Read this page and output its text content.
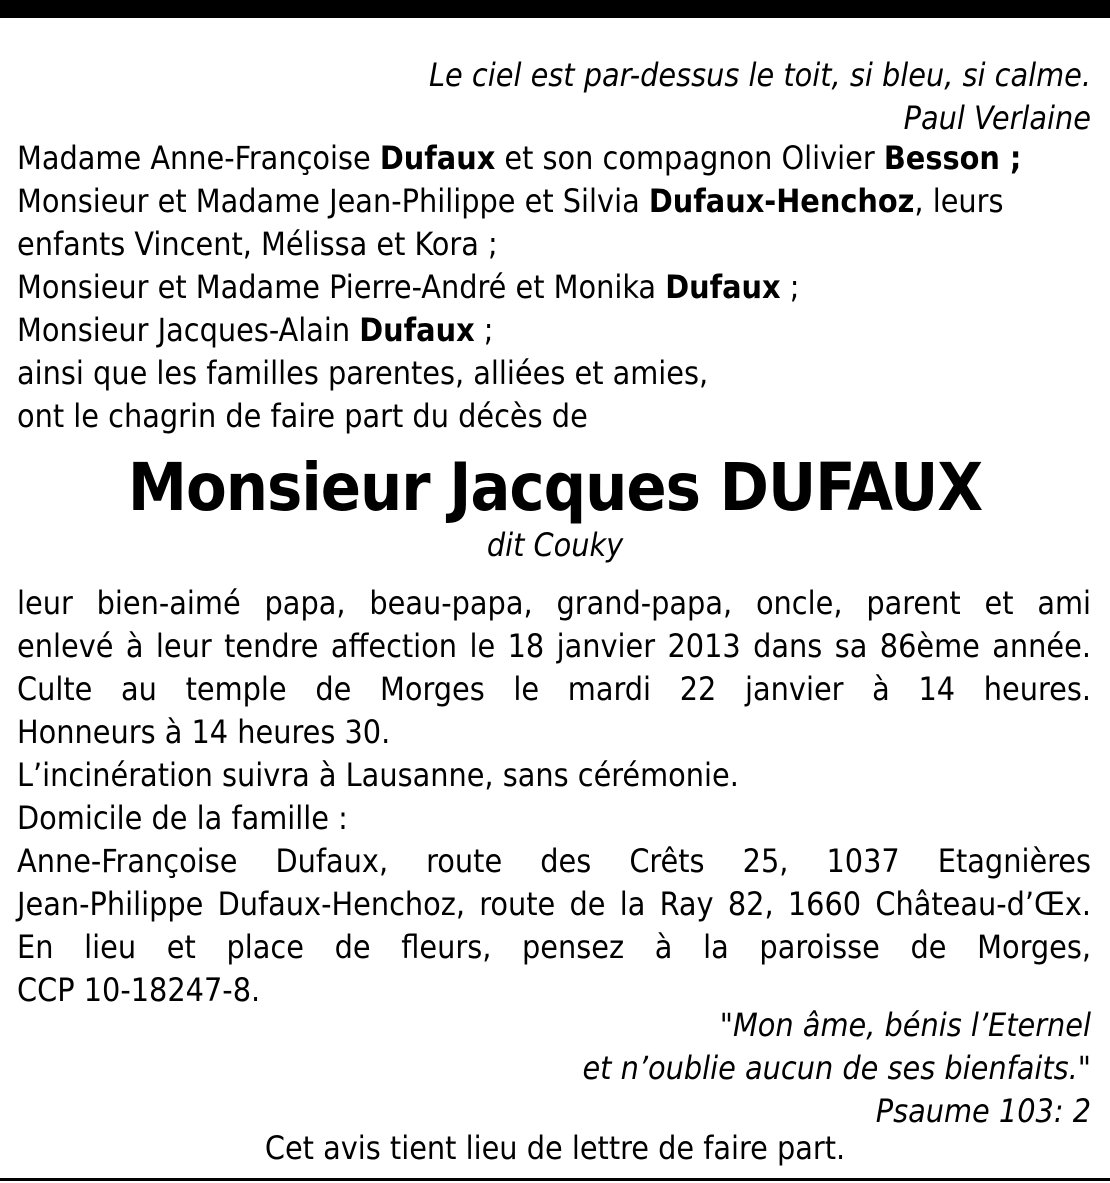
Le ciel est par-dessus le toit, si bleu, si calme.
Paul Verlaine
Madame Anne-Françoise Dufaux et son compagnon Olivier Besson ;
Monsieur et Madame Jean-Philippe et Silvia Dufaux-Henchoz, leurs
enfants Vincent, Mélissa et Kora ;
Monsieur et Madame Pierre-André et Monika Dufaux ;
Monsieur Jacques-Alain Dufaux ;
ainsi que les familles parentes, alliées et amies,
ont le chagrin de faire part du décès de
Monsieur Jacques DUFAUX
dit Couky
leur bien-aimé papa, beau-papa, grand-papa, oncle, parent et ami
enlevé à leur tendre affection le 18 janvier 2013 dans sa 86ème année.
Culte au temple de Morges le mardi 22 janvier à 14 heures.
Honneurs à 14 heures 30.
L’incinération suivra à Lausanne, sans cérémonie.
Domicile de la famille :
Anne-Françoise Dufaux, route des Crêts 25, 1037 Etagnières
Jean-Philippe Dufaux-Henchoz, route de la Ray 82, 1660 Château-d’Œx.
En lieu et place de fleurs, pensez à la paroisse de Morges,
CCP 10-18247-8.
"Mon âme, bénis l’Eternel
et n’oublie aucun de ses bienfaits."
Psaume 103: 2
Cet avis tient lieu de lettre de faire part.
